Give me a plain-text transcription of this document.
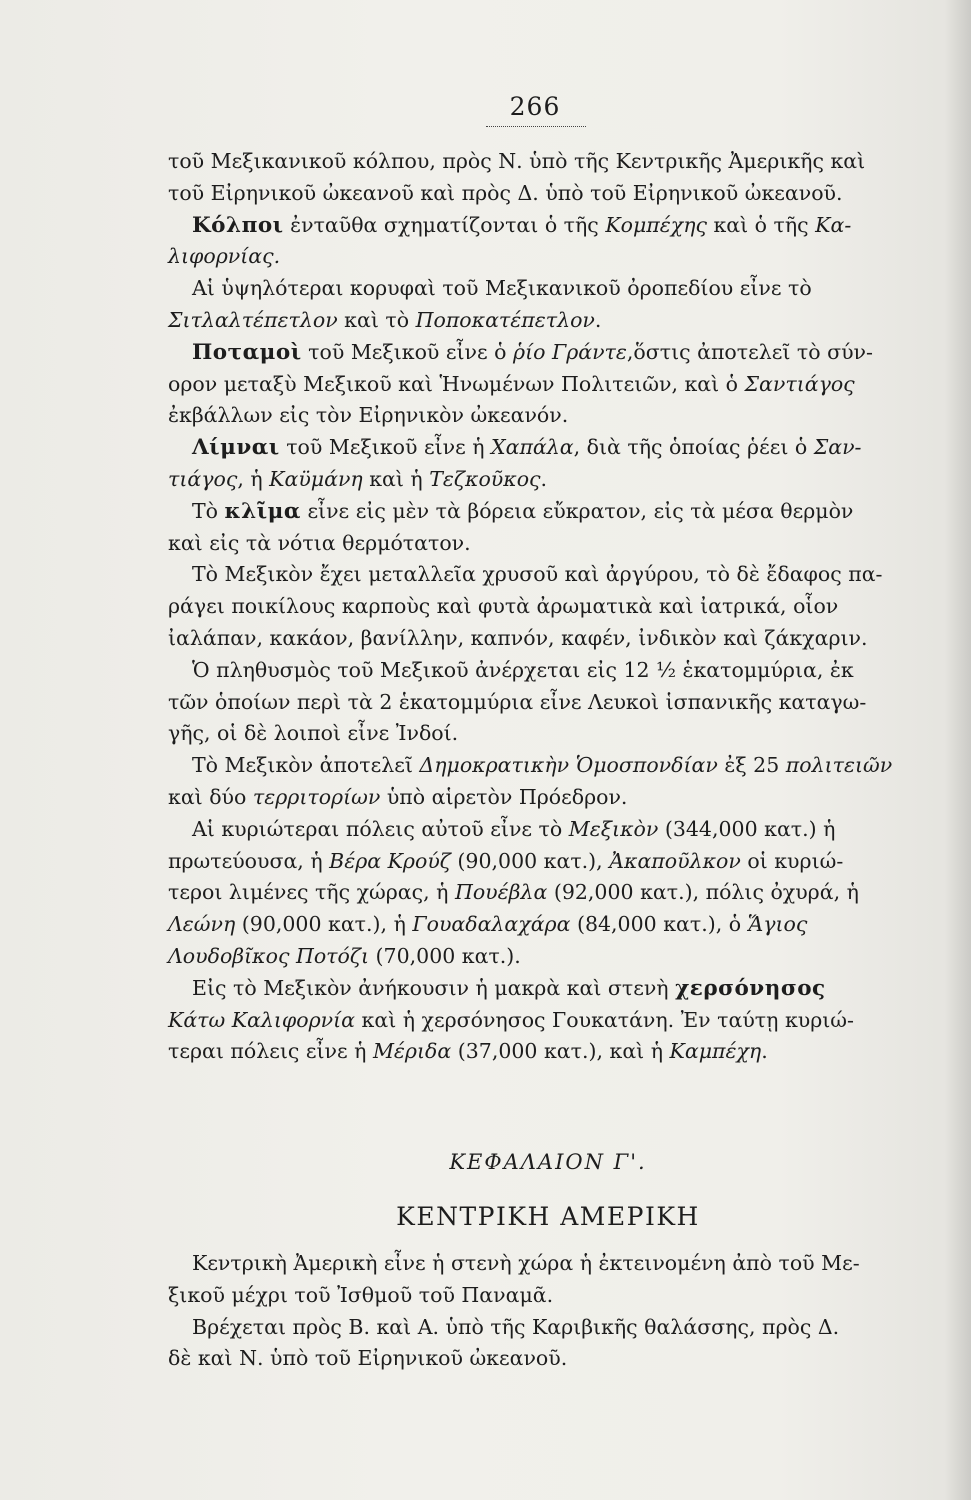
266
τοῦ Μεξικανικοῦ κόλπου, πρὸς Ν. ὑπὸ τῆς Κεντρικῆς Ἀμερικῆς καὶ
τοῦ Εἰρηνικοῦ ὠκεανοῦ καὶ πρὸς Δ. ὑπὸ τοῦ Εἰρηνικοῦ ὠκεανοῦ.
Κόλποι ἐνταῦθα σχηματίζονται ὁ τῆς Κομπέχης καὶ ὁ τῆς Κα-
λιφορνίας.
Αἱ ὑψηλότεραι κορυφαὶ τοῦ Μεξικανικοῦ ὀροπεδίου εἶνε τὸ
Σιτλαλτέπετλον καὶ τὸ Ποποκατέπετλον.
Ποταμοὶ τοῦ Μεξικοῦ εἶνε ὁ ῥίο Γράντε,ὅστις ἀποτελεῖ τὸ σύν-
ορον μεταξὺ Μεξικοῦ καὶ Ἡνωμένων Πολιτειῶν, καὶ ὁ Σαντιάγος
ἐκβάλλων εἰς τὸν Εἰρηνικὸν ὠκεανόν.
Λίμναι τοῦ Μεξικοῦ εἶνε ἡ Χαπάλα, διὰ τῆς ὁποίας ῥέει ὁ Σαν-
τιάγος, ἡ Καϋμάνη καὶ ἡ Τεζκοῦκος.
Τὸ κλῖμα εἶνε εἰς μὲν τὰ βόρεια εὔκρατον, εἰς τὰ μέσα θερμὸν
καὶ εἰς τὰ νότια θερμότατον.
Τὸ Μεξικὸν ἔχει μεταλλεῖα χρυσοῦ καὶ ἀργύρου, τὸ δὲ ἔδαφος πα-
ράγει ποικίλους καρποὺς καὶ φυτὰ ἀρωματικὰ καὶ ἰατρικά, οἷον
ἰαλάπαν, κακάον, βανίλλην, καπνόν, καφέν, ἰνδικὸν καὶ ζάκχαριν.
Ὁ πληθυσμὸς τοῦ Μεξικοῦ ἀνέρχεται εἰς 12 ½ ἑκατομμύρια, ἐκ
τῶν ὁποίων περὶ τὰ 2 ἑκατομμύρια εἶνε Λευκοὶ ἱσπανικῆς καταγω-
γῆς, οἱ δὲ λοιποὶ εἶνε Ἰνδοί.
Τὸ Μεξικὸν ἀποτελεῖ Δημοκρατικὴν Ὁμοσπονδίαν ἐξ 25 πολιτειῶν
καὶ δύο τερριτορίων ὑπὸ αἱρετὸν Πρόεδρον.
Αἱ κυριώτεραι πόλεις αὐτοῦ εἶνε τὸ Μεξικὸν (344,000 κατ.) ἡ
πρωτεύουσα, ἡ Βέρα Κρούζ (90,000 κατ.), Ἀκαποῦλκον οἱ κυριώ-
τεροι λιμένες τῆς χώρας, ἡ Πουέβλα (92,000 κατ.), πόλις ὀχυρά, ἡ
Λεώνη (90,000 κατ.), ἡ Γουαδαλαχάρα (84,000 κατ.), ὁ Ἅγιος
Λουδοβῖκος Ποτόζι (70,000 κατ.).
Εἰς τὸ Μεξικὸν ἀνήκουσιν ἡ μακρὰ καὶ στενὴ χερσόνησος
Κάτω Καλιφορνία καὶ ἡ χερσόνησος Γουκατάνη. Ἐν ταύτῃ κυριώ-
τεραι πόλεις εἶνε ἡ Μέριδα (37,000 κατ.), καὶ ἡ Καμπέχη.
ΚΕΦΑΛΑΙΟΝ Γ'.
ΚΕΝΤΡΙΚΗ ΑΜΕΡΙΚΗ
Κεντρικὴ Ἀμερικὴ εἶνε ἡ στενὴ χώρα ἡ ἐκτεινομένη ἀπὸ τοῦ Με-
ξικοῦ μέχρι τοῦ Ἰσθμοῦ τοῦ Παναμᾶ.
Βρέχεται πρὸς Β. καὶ Α. ὑπὸ τῆς Καριβικῆς θαλάσσης, πρὸς Δ.
δὲ καὶ Ν. ὑπὸ τοῦ Εἰρηνικοῦ ὠκεανοῦ.
